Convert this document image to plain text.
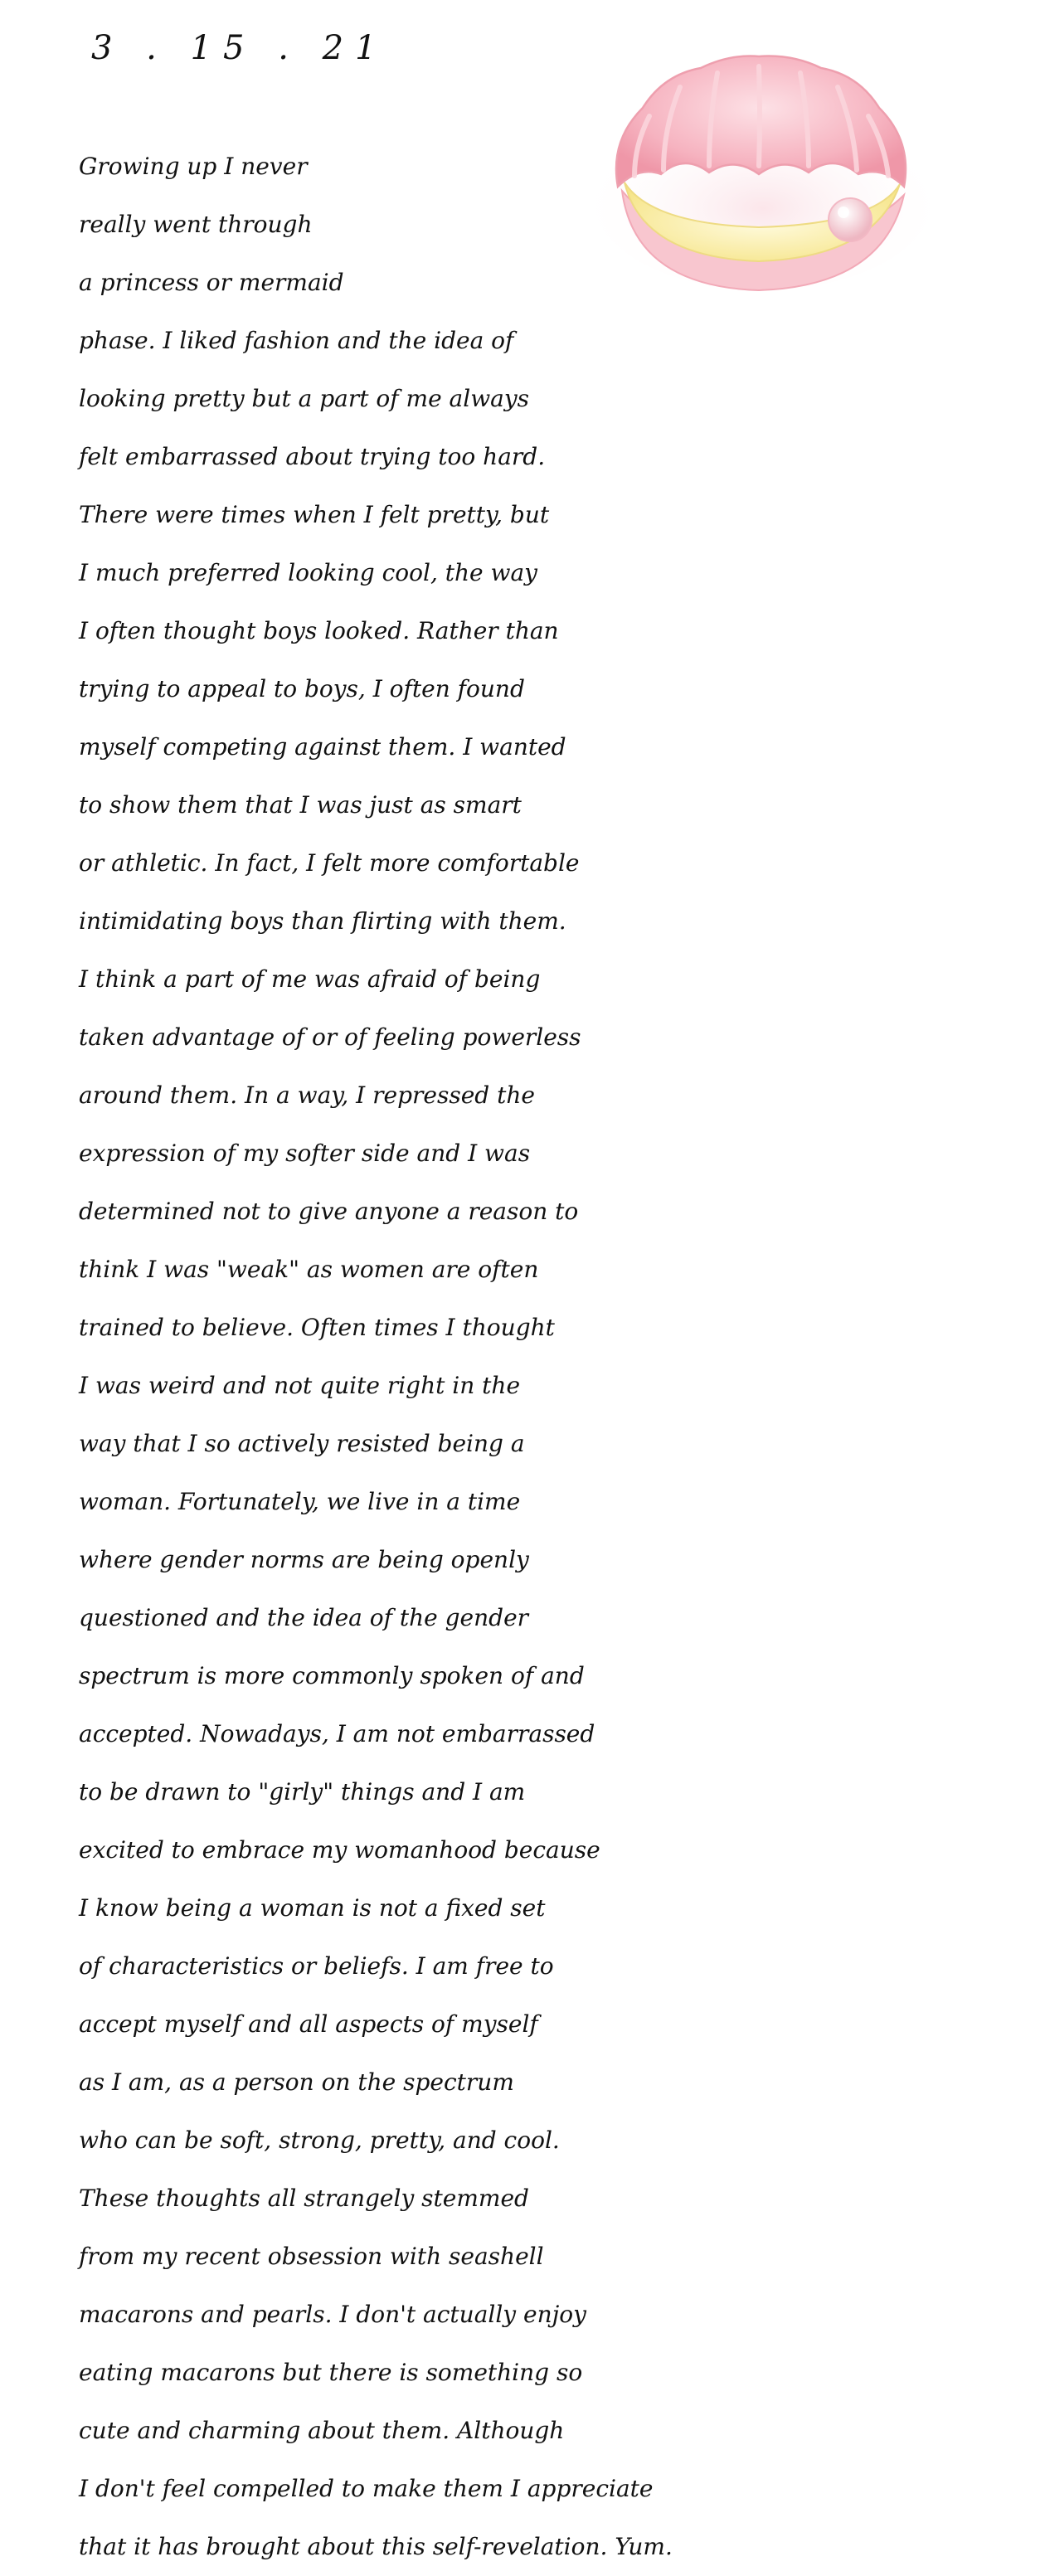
3 . 15 . 21
Growing up I never
really went through
a princess or mermaid
phase. I liked fashion and the idea of
looking pretty but a part of me always
felt embarrassed about trying too hard.
There were times when I felt pretty, but
I much preferred looking cool, the way
I often thought boys looked. Rather than
trying to appeal to boys, I often found
myself competing against them. I wanted
to show them that I was just as smart
or athletic. In fact, I felt more comfortable
intimidating boys than flirting with them.
I think a part of me was afraid of being
taken advantage of or of feeling powerless
around them. In a way, I repressed the
expression of my softer side and I was
determined not to give anyone a reason to
think I was "weak" as women are often
trained to believe. Often times I thought
I was weird and not quite right in the
way that I so actively resisted being a
woman. Fortunately, we live in a time
where gender norms are being openly
questioned and the idea of the gender
spectrum is more commonly spoken of and
accepted. Nowadays, I am not embarrassed
to be drawn to "girly" things and I am
excited to embrace my womanhood because
I know being a woman is not a fixed set
of characteristics or beliefs. I am free to
accept myself and all aspects of myself
as I am, as a person on the spectrum
who can be soft, strong, pretty, and cool.
These thoughts all strangely stemmed
from my recent obsession with seashell
macarons and pearls. I don't actually enjoy
eating macarons but there is something so
cute and charming about them. Although
I don't feel compelled to make them I appreciate
that it has brought about this self-revelation. Yum.
